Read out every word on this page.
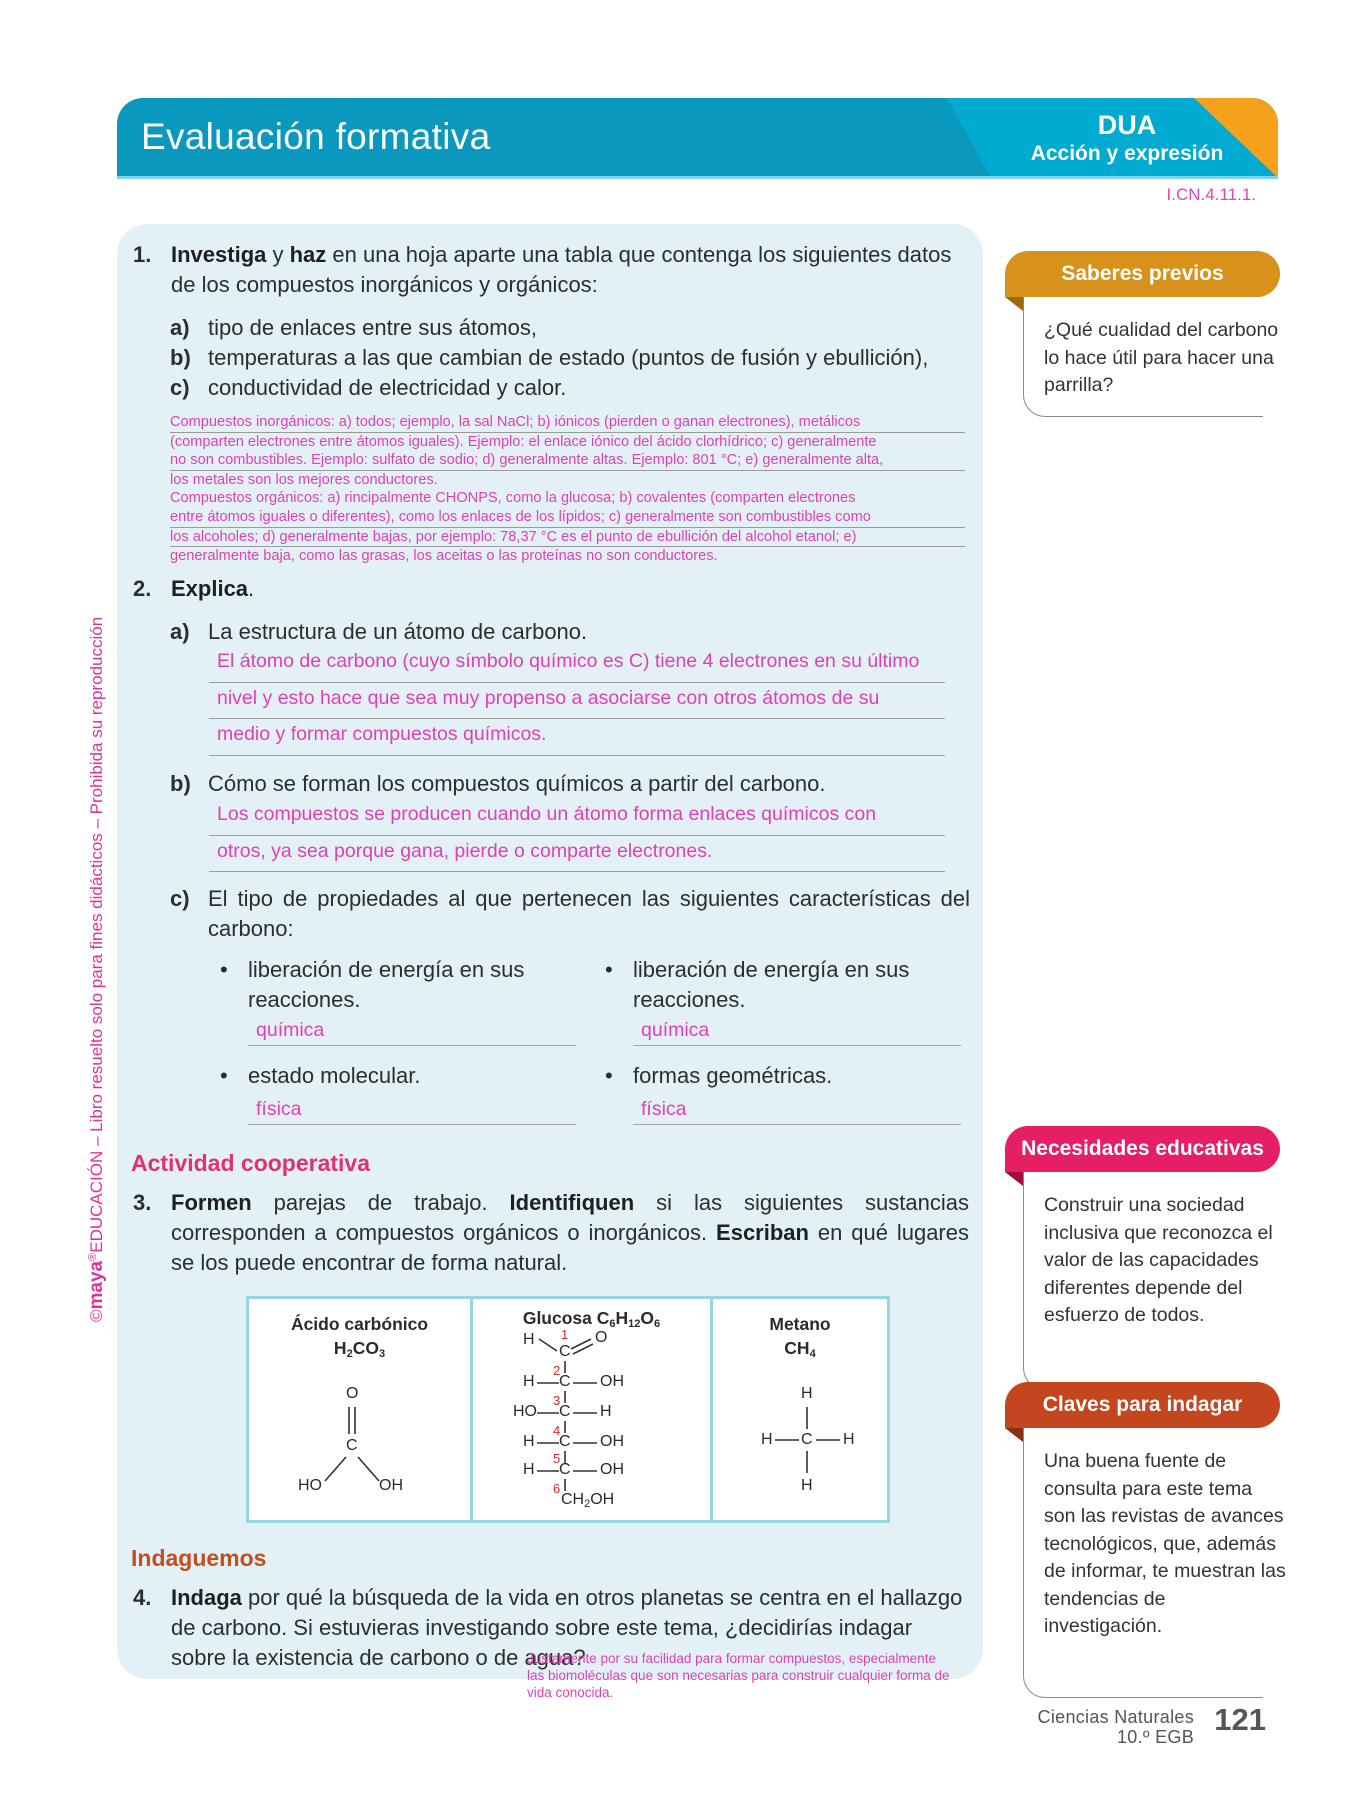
Evaluación formativa	DUA
Acción y expresión
I.CN.4.11.1.
©maya®EDUCACIÓN – Libro resuelto solo para fines didácticos – Prohibida su reproducción
1. Investiga y haz en una hoja aparte una tabla que contenga los siguientes datos de los compuestos inorgánicos y orgánicos:
a) tipo de enlaces entre sus átomos,
b) temperaturas a las que cambian de estado (puntos de fusión y ebullición),
c) conductividad de electricidad y calor.
Compuestos inorgánicos: a) todos; ejemplo, la sal NaCl; b) iónicos (pierden o ganan electrones), metálicos
(comparten electrones entre átomos iguales). Ejemplo: el enlace iónico del ácido clorhídrico; c) generalmente
no son combustibles. Ejemplo: sulfato de sodio; d) generalmente altas. Ejemplo: 801 °C; e) generalmente alta,
los metales son los mejores conductores.
Compuestos orgánicos: a) rincipalmente CHONPS, como la glucosa; b) covalentes (comparten electrones
entre átomos iguales o diferentes), como los enlaces de los lípidos; c) generalmente son combustibles como
los alcoholes; d) generalmente bajas, por ejemplo: 78,37 °C es el punto de ebullición del alcohol etanol; e)
generalmente baja, como las grasas, los aceitas o las proteínas no son conductores.
2. Explica.
a) La estructura de un átomo de carbono.
El átomo de carbono (cuyo símbolo químico es C) tiene 4 electrones en su último
nivel y esto hace que sea muy propenso a asociarse con otros átomos de su
medio y formar compuestos químicos.
b) Cómo se forman los compuestos químicos a partir del carbono.
Los compuestos se producen cuando un átomo forma enlaces químicos con
otros, ya sea porque gana, pierde o comparte electrones.
c) El tipo de propiedades al que pertenecen las siguientes características del carbono:
• liberación de energía en sus reacciones.
• liberación de energía en sus reacciones.
química	química
• estado molecular.	• formas geométricas.
física	física
Actividad cooperativa
3. Formen parejas de trabajo. Identifiquen si las siguientes sustancias corresponden a compuestos orgánicos o inorgánicos. Escriban en qué lugares se los puede encontrar de forma natural.
Ácido carbónico
$H_2CO_3$
O
C
HO	OH
Glucosa $C_6H_{12}O_6$
H 1
C
O
H
2
C OH
HO
3
C H
H
4
C OH
H
5
C OH
6
$CH_2OH$
Metano
$CH_4$
H
C
H	H
H
Indaguemos
4. Indaga por qué la búsqueda de la vida en otros planetas se centra en el hallazgo de carbono. Si estuvieras investigando sobre este tema, ¿decidirías indagar sobre la existencia de carbono o de agua?
Justamente por su facilidad para formar compuestos, especialmente
las biomoléculas que son necesarias para construir cualquier forma de
vida conocida.
Saberes previos
¿Qué cualidad del carbono lo hace útil para hacer una parrilla?
Necesidades educativas
Construir una sociedad inclusiva que reconozca el valor de las capacidades diferentes depende del esfuerzo de todos.
Claves para indagar
Una buena fuente de consulta para este tema son las revistas de avances tecnológicos, que, además de informar, te muestran las tendencias de investigación.
Ciencias Naturales
10.º EGB 121
